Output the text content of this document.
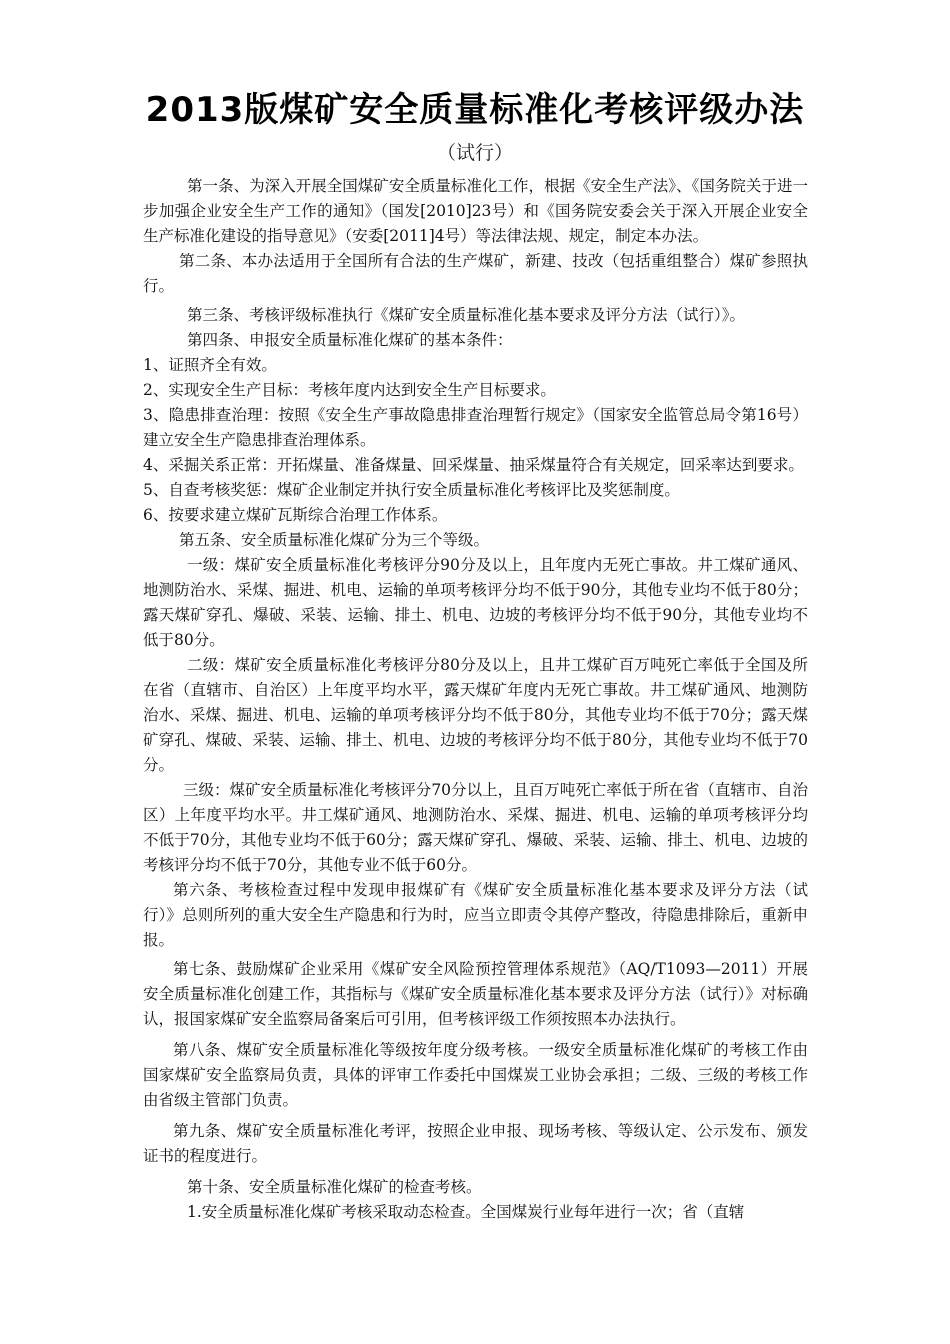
2013版煤矿安全质量标准化考核评级办法
（试行）

第一条、为深入开展全国煤矿安全质量标准化工作，根据《安全生产法》、《国务院关于进一步加强企业安全生产工作的通知》（国发[2010]23号）和《国务院安委会关于深入开展企业安全生产标准化建设的指导意见》（安委[2011]4号）等法律法规、规定，制定本办法。

第二条、本办法适用于全国所有合法的生产煤矿，新建、技改（包括重组整合）煤矿参照执行。

第三条、考核评级标准执行《煤矿安全质量标准化基本要求及评分方法（试行）》。

第四条、申报安全质量标准化煤矿的基本条件：

1、证照齐全有效。

2、实现安全生产目标：考核年度内达到安全生产目标要求。

3、隐患排查治理：按照《安全生产事故隐患排查治理暂行规定》（国家安全监管总局令第16号）建立安全生产隐患排查治理体系。

4、采掘关系正常：开拓煤量、准备煤量、回采煤量、抽采煤量符合有关规定，回采率达到要求。

5、自查考核奖惩：煤矿企业制定并执行安全质量标准化考核评比及奖惩制度。

6、按要求建立煤矿瓦斯综合治理工作体系。

第五条、安全质量标准化煤矿分为三个等级。

一级：煤矿安全质量标准化考核评分90分及以上，且年度内无死亡事故。井工煤矿通风、地测防治水、采煤、掘进、机电、运输的单项考核评分均不低于90分，其他专业均不低于80分；露天煤矿穿孔、爆破、采装、运输、排土、机电、边坡的考核评分均不低于90分，其他专业均不低于80分。

二级：煤矿安全质量标准化考核评分80分及以上，且井工煤矿百万吨死亡率低于全国及所在省（直辖市、自治区）上年度平均水平，露天煤矿年度内无死亡事故。井工煤矿通风、地测防治水、采煤、掘进、机电、运输的单项考核评分均不低于80分，其他专业均不低于70分；露天煤矿穿孔、煤破、采装、运输、排土、机电、边坡的考核评分均不低于80分，其他专业均不低于70分。

三级：煤矿安全质量标准化考核评分70分以上，且百万吨死亡率低于所在省（直辖市、自治区）上年度平均水平。井工煤矿通风、地测防治水、采煤、掘进、机电、运输的单项考核评分均不低于70分，其他专业均不低于60分；露天煤矿穿孔、爆破、采装、运输、排土、机电、边坡的考核评分均不低于70分，其他专业不低于60分。

第六条、考核检查过程中发现申报煤矿有《煤矿安全质量标准化基本要求及评分方法（试行）》总则所列的重大安全生产隐患和行为时，应当立即责令其停产整改，待隐患排除后，重新申报。

第七条、鼓励煤矿企业采用《煤矿安全风险预控管理体系规范》（AQ/T1093—2011）开展安全质量标准化创建工作，其指标与《煤矿安全质量标准化基本要求及评分方法（试行）》对标确认，报国家煤矿安全监察局备案后可引用，但考核评级工作须按照本办法执行。

第八条、煤矿安全质量标准化等级按年度分级考核。一级安全质量标准化煤矿的考核工作由国家煤矿安全监察局负责，具体的评审工作委托中国煤炭工业协会承担；二级、三级的考核工作由省级主管部门负责。

第九条、煤矿安全质量标准化考评，按照企业申报、现场考核、等级认定、公示发布、颁发证书的程度进行。

第十条、安全质量标准化煤矿的检查考核。

1.安全质量标准化煤矿考核采取动态检查。全国煤炭行业每年进行一次；省（直辖
